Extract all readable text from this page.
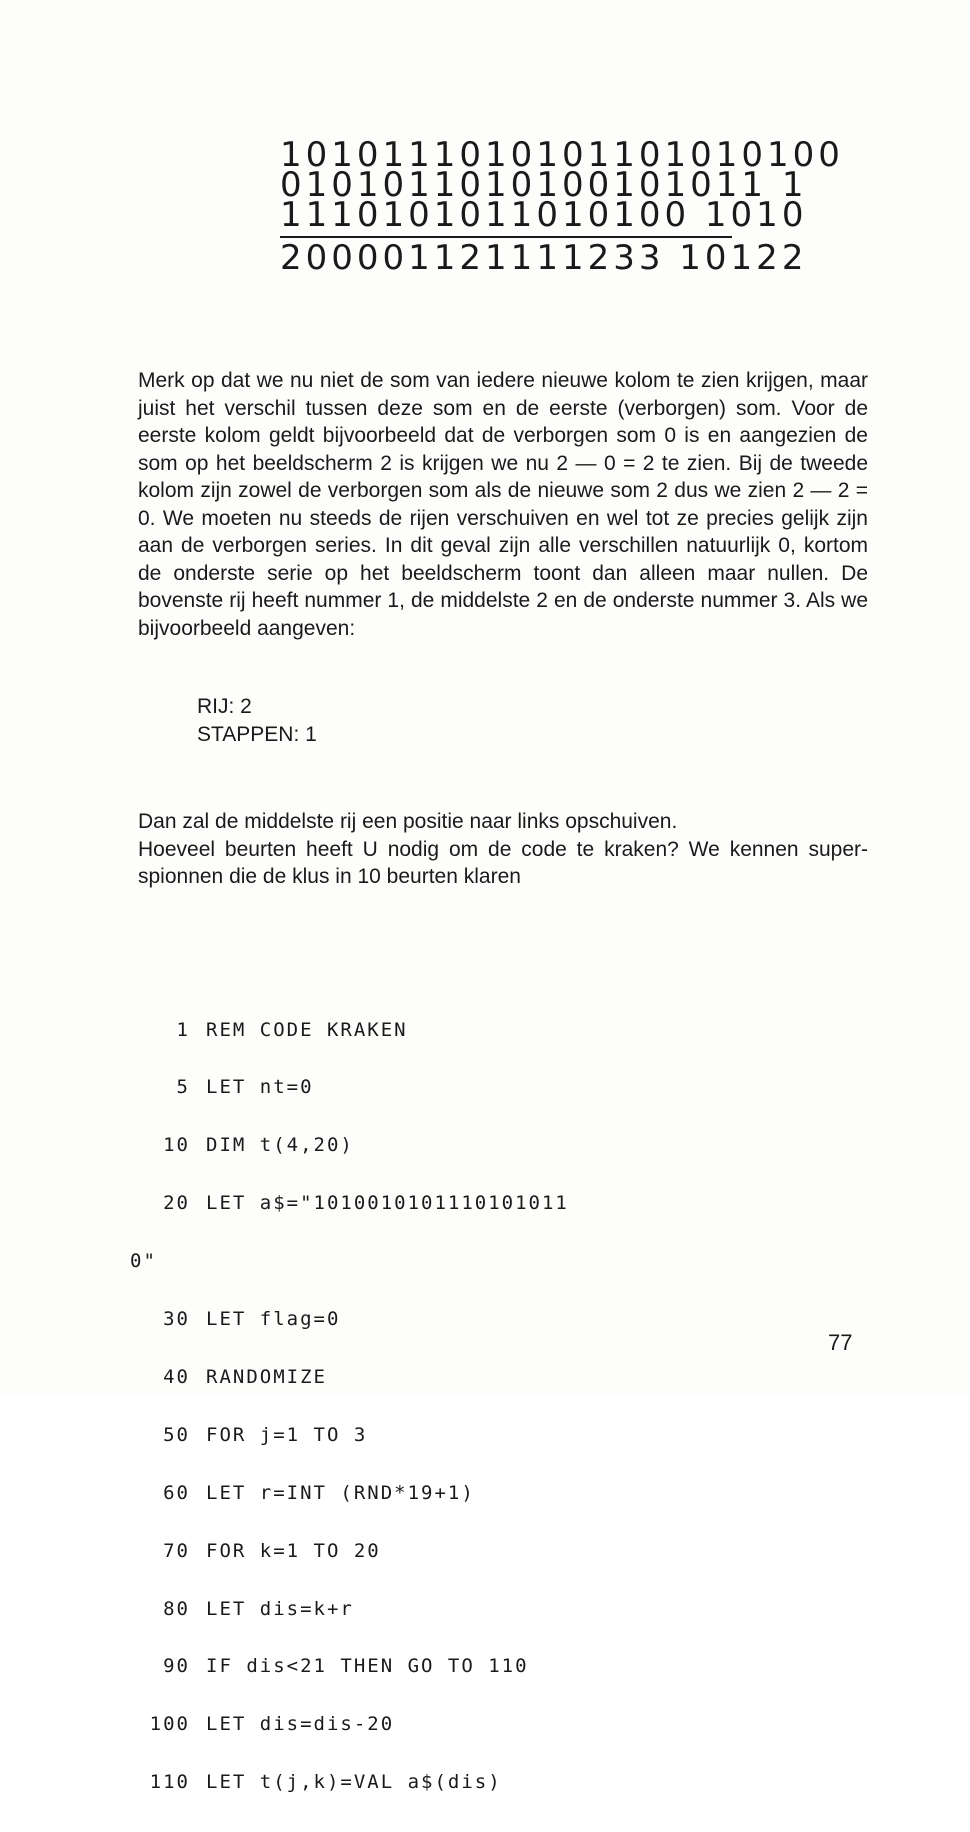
1010111010101101010100
0101011010100101011 1
1110101011010100 1010
200001121111233 10122
Merk op dat we nu niet de som van iedere nieuwe kolom te zien krijgen, maar juist het verschil tussen deze som en de eerste (verborgen) som. Voor de eerste kolom geldt bijvoorbeeld dat de verborgen som 0 is en aangezien de som op het beeldscherm 2 is krijgen we nu 2 — 0 = 2 te zien. Bij de tweede kolom zijn zowel de verborgen som als de nieuwe som 2 dus we zien 2 — 2 = 0. We moeten nu steeds de rijen verschuiven en wel tot ze precies gelijk zijn aan de verborgen series. In dit geval zijn alle verschillen natuurlijk 0, kortom de onderste serie op het beeldscherm toont dan alleen maar nullen. De bovenste rij heeft nummer 1, de middelste 2 en de onderste nummer 3. Als we bijvoorbeeld aangeven:
RIJ: 2
STAPPEN: 1
Dan zal de middelste rij een positie naar links opschuiven.
Hoeveel beurten heeft U nodig om de code te kraken? We kennen super-spionnen die de klus in 10 beurten klaren

1 REM CODE KRAKEN

5 LET nt=0

10 DIM t(4,20)

20 LET a$="1010010101110101011

0"

30 LET flag=0

40 RANDOMIZE

50 FOR j=1 TO 3

60 LET r=INT (RND*19+1)

70 FOR k=1 TO 20

80 LET dis=k+r

90 IF dis<21 THEN GO TO 110

100 LET dis=dis-20

110 LET t(j,k)=VAL a$(dis)

77
